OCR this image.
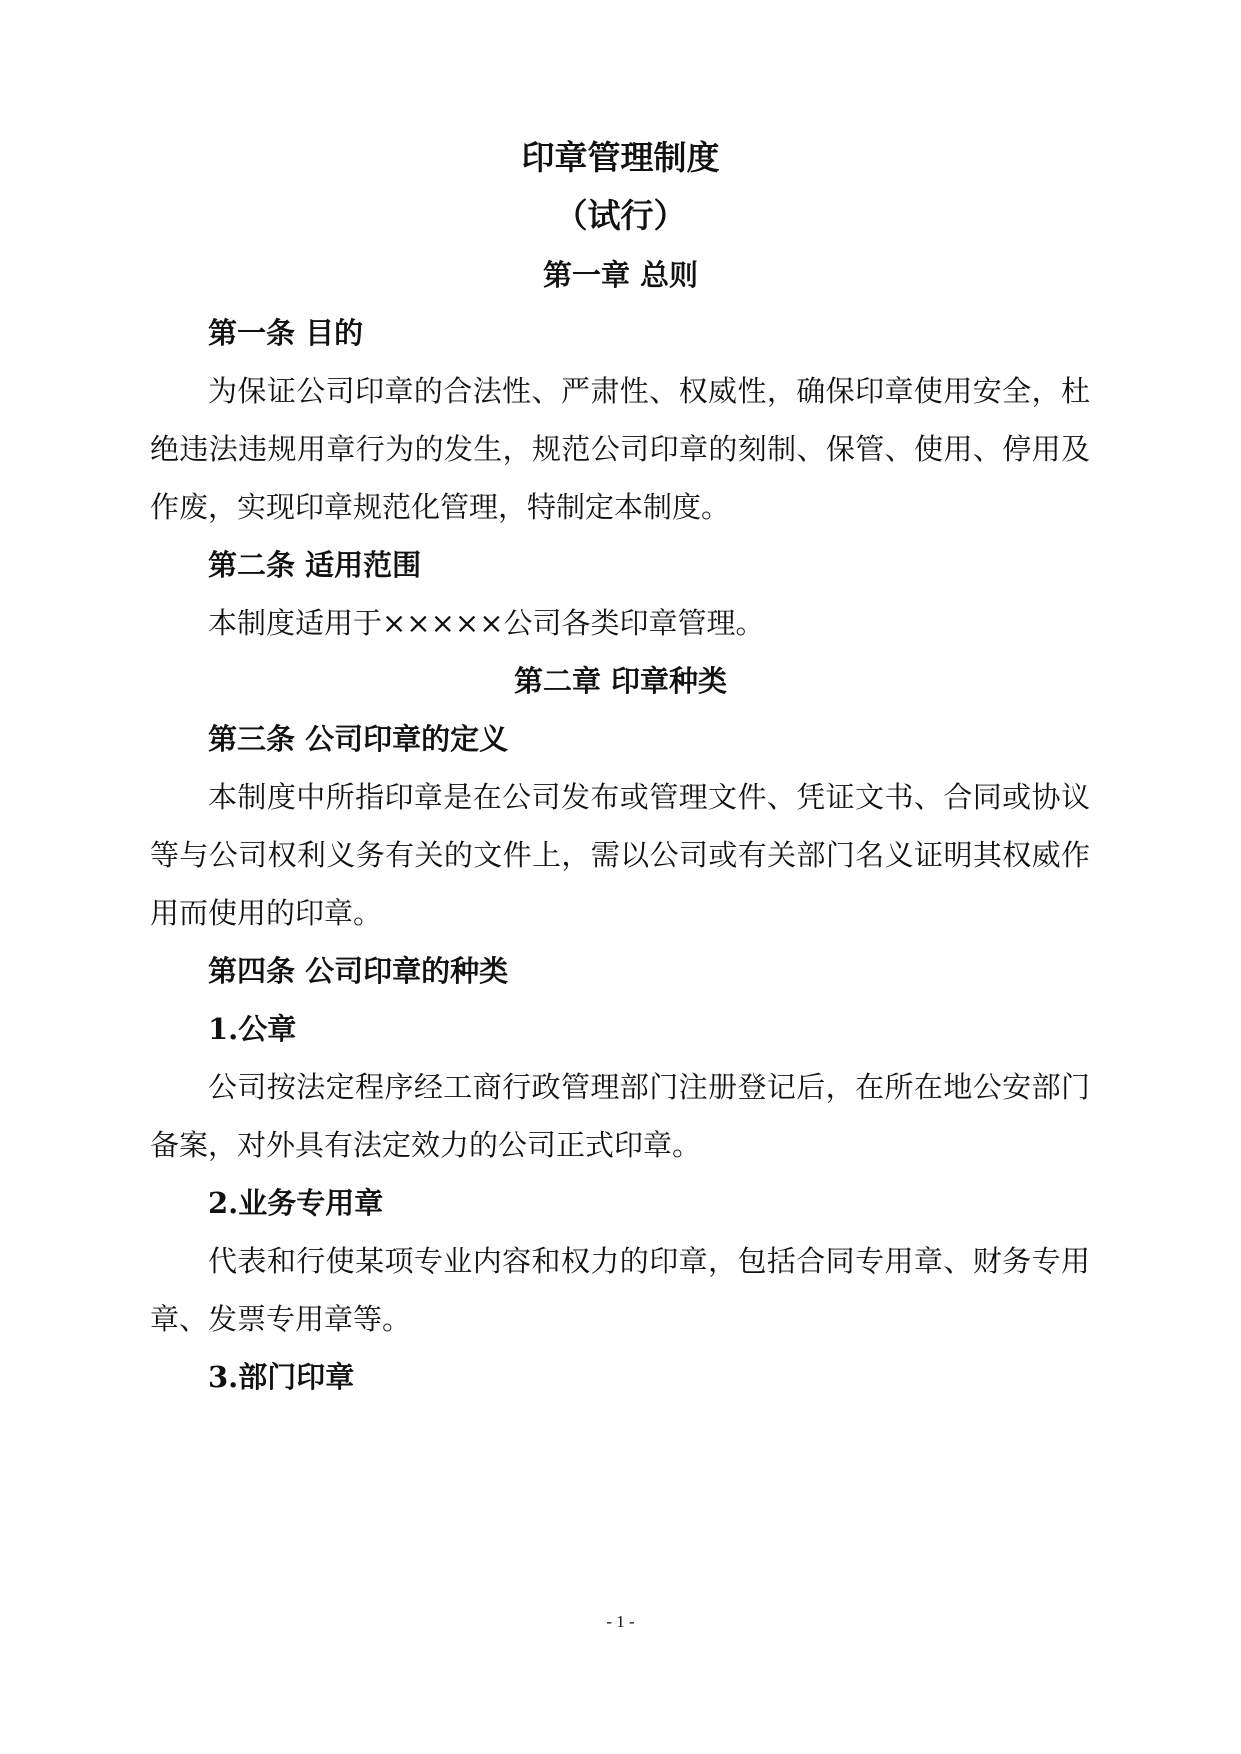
印章管理制度
（试行）
第一章 总则
第一条 目的
为保证公司印章的合法性、严肃性、权威性，确保印章使用安全，杜
绝违法违规用章行为的发生，规范公司印章的刻制、保管、使用、停用及
作废，实现印章规范化管理，特制定本制度。
第二条 适用范围
本制度适用于×××××公司各类印章管理。
第二章 印章种类
第三条 公司印章的定义
本制度中所指印章是在公司发布或管理文件、凭证文书、合同或协议
等与公司权利义务有关的文件上，需以公司或有关部门名义证明其权威作
用而使用的印章。
第四条 公司印章的种类
1.公章
公司按法定程序经工商行政管理部门注册登记后，在所在地公安部门
备案，对外具有法定效力的公司正式印章。
2.业务专用章
代表和行使某项专业内容和权力的印章，包括合同专用章、财务专用
章、发票专用章等。
3.部门印章
- 1 -
